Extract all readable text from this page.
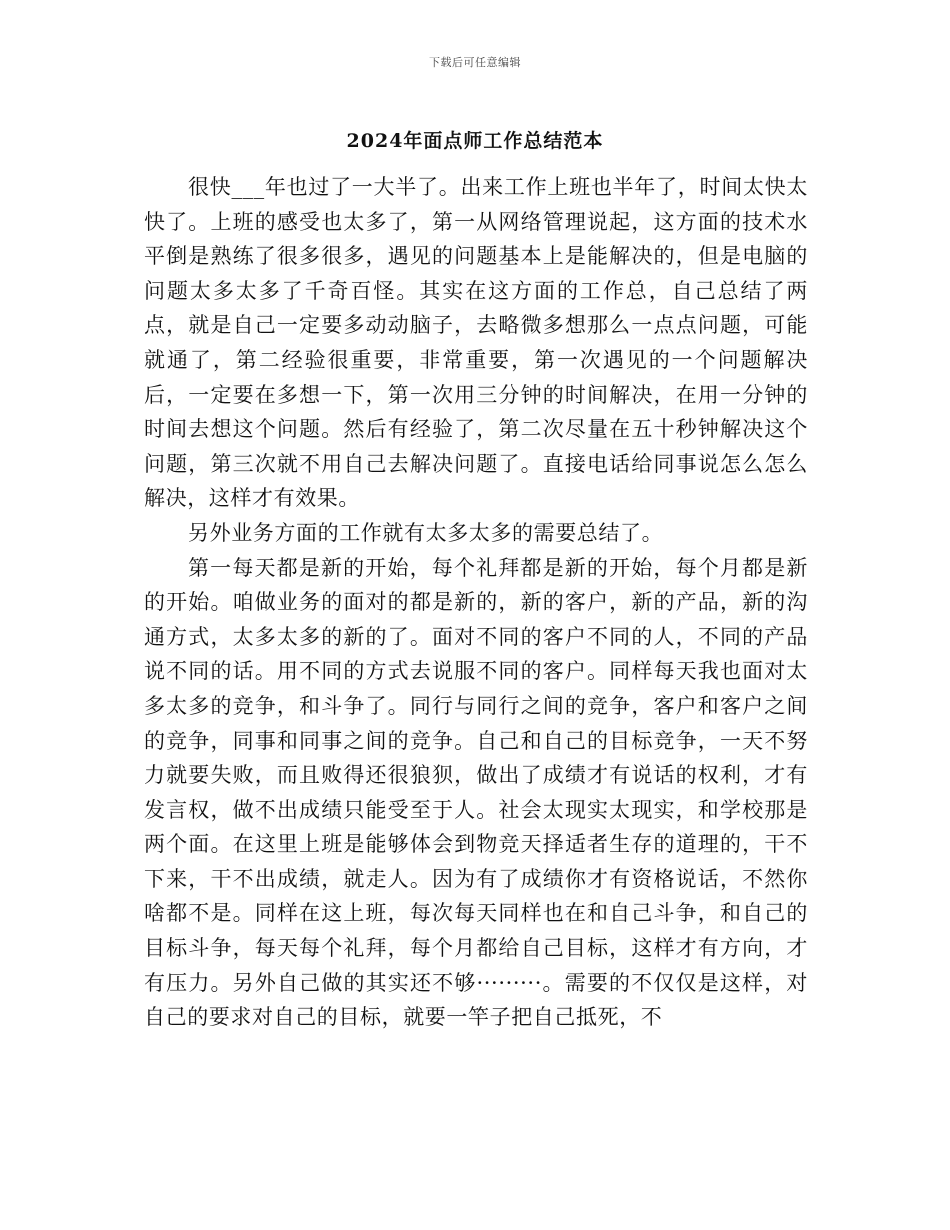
下载后可任意编辑
2024年面点师工作总结范本

很快___年也过了一大半了。出来工作上班也半年了，时间太快太快了。上班的感受也太多了，第一从网络管理说起，这方面的技术水平倒是熟练了很多很多，遇见的问题基本上是能解决的，但是电脑的问题太多太多了千奇百怪。其实在这方面的工作总，自己总结了两点，就是自己一定要多动动脑子，去略微多想那么一点点问题，可能就通了，第二经验很重要，非常重要，第一次遇见的一个问题解决后，一定要在多想一下，第一次用三分钟的时间解决，在用一分钟的时间去想这个问题。然后有经验了，第二次尽量在五十秒钟解决这个问题，第三次就不用自己去解决问题了。直接电话给同事说怎么怎么解决，这样才有效果。

另外业务方面的工作就有太多太多的需要总结了。

第一每天都是新的开始，每个礼拜都是新的开始，每个月都是新的开始。咱做业务的面对的都是新的，新的客户，新的产品，新的沟通方式，太多太多的新的了。面对不同的客户不同的人，不同的产品说不同的话。用不同的方式去说服不同的客户。同样每天我也面对太多太多的竞争，和斗争了。同行与同行之间的竞争，客户和客户之间的竞争，同事和同事之间的竞争。自己和自己的目标竞争，一天不努力就要失败，而且败得还很狼狈，做出了成绩才有说话的权利，才有发言权，做不出成绩只能受至于人。社会太现实太现实，和学校那是两个面。在这里上班是能够体会到物竞天择适者生存的道理的，干不下来，干不出成绩，就走人。因为有了成绩你才有资格说话，不然你啥都不是。同样在这上班，每次每天同样也在和自己斗争，和自己的目标斗争，每天每个礼拜，每个月都给自己目标，这样才有方向，才有压力。另外自己做的其实还不够·········。需要的不仅仅是这样，对自己的要求对自己的目标，就要一竿子把自己抵死，不
